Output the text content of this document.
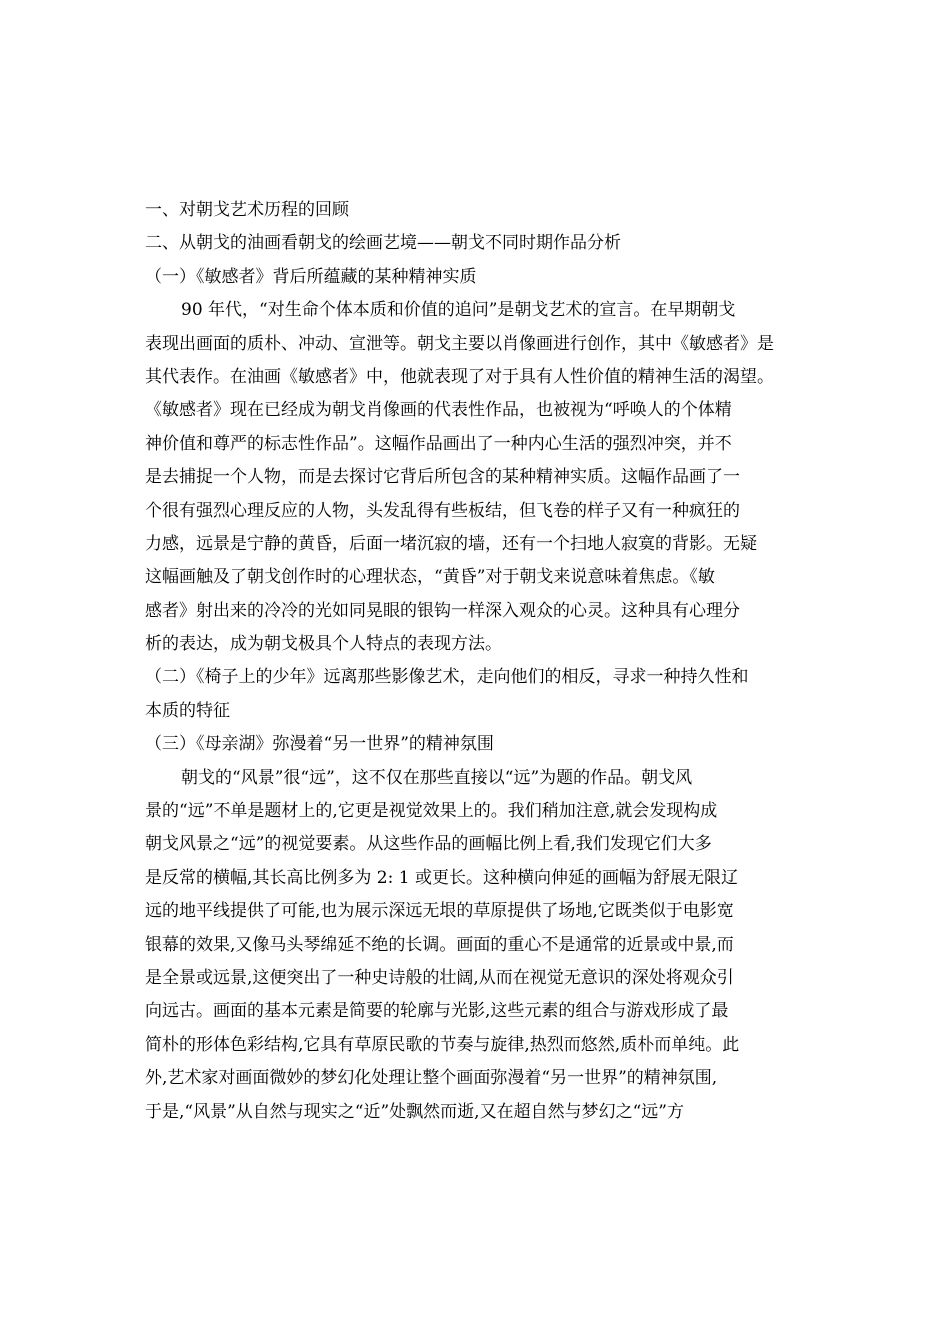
一、对朝戈艺术历程的回顾
二、从朝戈的油画看朝戈的绘画艺境——朝戈不同时期作品分析
（一）《敏感者》背后所蕴藏的某种精神实质
90 年代，“对生命个体本质和价值的追问”是朝戈艺术的宣言。在早期朝戈
表现出画面的质朴、冲动、宣泄等。朝戈主要以肖像画进行创作，其中《敏感者》是
其代表作。在油画《敏感者》中，他就表现了对于具有人性价值的精神生活的渴望。
《敏感者》现在已经成为朝戈肖像画的代表性作品，也被视为“呼唤人的个体精
神价值和尊严的标志性作品”。这幅作品画出了一种内心生活的强烈冲突，并不
是去捕捉一个人物，而是去探讨它背后所包含的某种精神实质。这幅作品画了一
个很有强烈心理反应的人物，头发乱得有些板结，但飞卷的样子又有一种疯狂的
力感，远景是宁静的黄昏，后面一堵沉寂的墙，还有一个扫地人寂寞的背影。无疑
这幅画触及了朝戈创作时的心理状态，“黄昏”对于朝戈来说意味着焦虑。《敏
感者》射出来的冷冷的光如同晃眼的银钩一样深入观众的心灵。这种具有心理分
析的表达，成为朝戈极具个人特点的表现方法。
（二）《椅子上的少年》远离那些影像艺术，走向他们的相反，寻求一种持久性和
本质的特征
（三）《母亲湖》弥漫着“另一世界”的精神氛围
朝戈的“风景”很“远”，这不仅在那些直接以“远”为题的作品。朝戈风
景的“远”不单是题材上的,它更是视觉效果上的。我们稍加注意,就会发现构成
朝戈风景之“远”的视觉要素。从这些作品的画幅比例上看,我们发现它们大多
是反常的横幅,其长高比例多为 2: 1 或更长。这种横向伸延的画幅为舒展无限辽
远的地平线提供了可能,也为展示深远无垠的草原提供了场地,它既类似于电影宽
银幕的效果,又像马头琴绵延不绝的长调。画面的重心不是通常的近景或中景,而
是全景或远景,这便突出了一种史诗般的壮阔,从而在视觉无意识的深处将观众引
向远古。画面的基本元素是简要的轮廓与光影,这些元素的组合与游戏形成了最
简朴的形体色彩结构,它具有草原民歌的节奏与旋律,热烈而悠然,质朴而单纯。此
外,艺术家对画面微妙的梦幻化处理让整个画面弥漫着“另一世界”的精神氛围,
于是,“风景”从自然与现实之“近”处飘然而逝,又在超自然与梦幻之“远”方
